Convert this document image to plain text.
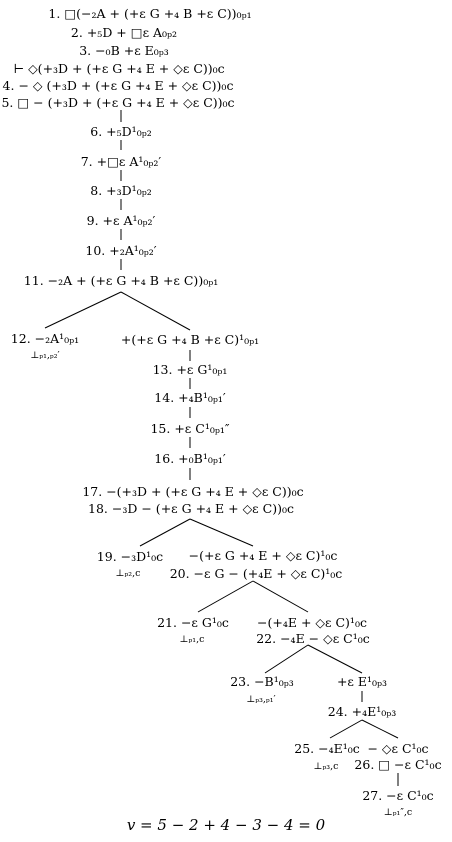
1. □(−₂A + (+ε G +₄ B +ε C))₀ₚ₁
2. +₅D + □ε A₀ₚ₂
3. −₀B +ε E₀ₚ₃
⊢ ◇(+₃D + (+ε G +₄ E + ◇ε C))₀c
4. − ◇ (+₃D + (+ε G +₄ E + ◇ε C))₀c
5. □ − (+₃D + (+ε G +₄ E + ◇ε C))₀c
6. +₅D¹₀ₚ₂
7. +□ε A¹₀ₚ₂′
8. +₃D¹₀ₚ₂
9. +ε A¹₀ₚ₂′
10. +₂A¹₀ₚ₂′
11. −₂A + (+ε G +₄ B +ε C))₀ₚ₁
12. −₂A¹₀ₚ₁
⊥ₚ₁,ₚ₂′
+(+ε G +₄ B +ε C)¹₀ₚ₁
13. +ε G¹₀ₚ₁
14. +₄B¹₀ₚ₁′
15. +ε C¹₀ₚ₁″
16. +₀B¹₀ₚ₁′
17. −(+₃D + (+ε G +₄ E + ◇ε C))₀c
18. −₃D − (+ε G +₄ E + ◇ε C))₀c
19. −₃D¹₀c
⊥ₚ₂,c
−(+ε G +₄ E + ◇ε C)¹₀c
20. −ε G − (+₄E + ◇ε C)¹₀c
21. −ε G¹₀c
⊥ₚ₁,c
−(+₄E + ◇ε C)¹₀c
22. −₄E − ◇ε C¹₀c
23. −B¹₀ₚ₃
⊥ₚ₃,ₚ₁′
+ε E¹₀ₚ₃
24. +₄E¹₀ₚ₃
25. −₄E¹₀c
⊥ₚ₃,c
− ◇ε C¹₀c
26. □ −ε C¹₀c
27. −ε C¹₀c
⊥ₚ₁″,c
v = 5 − 2 + 4 − 3 − 4 = 0
